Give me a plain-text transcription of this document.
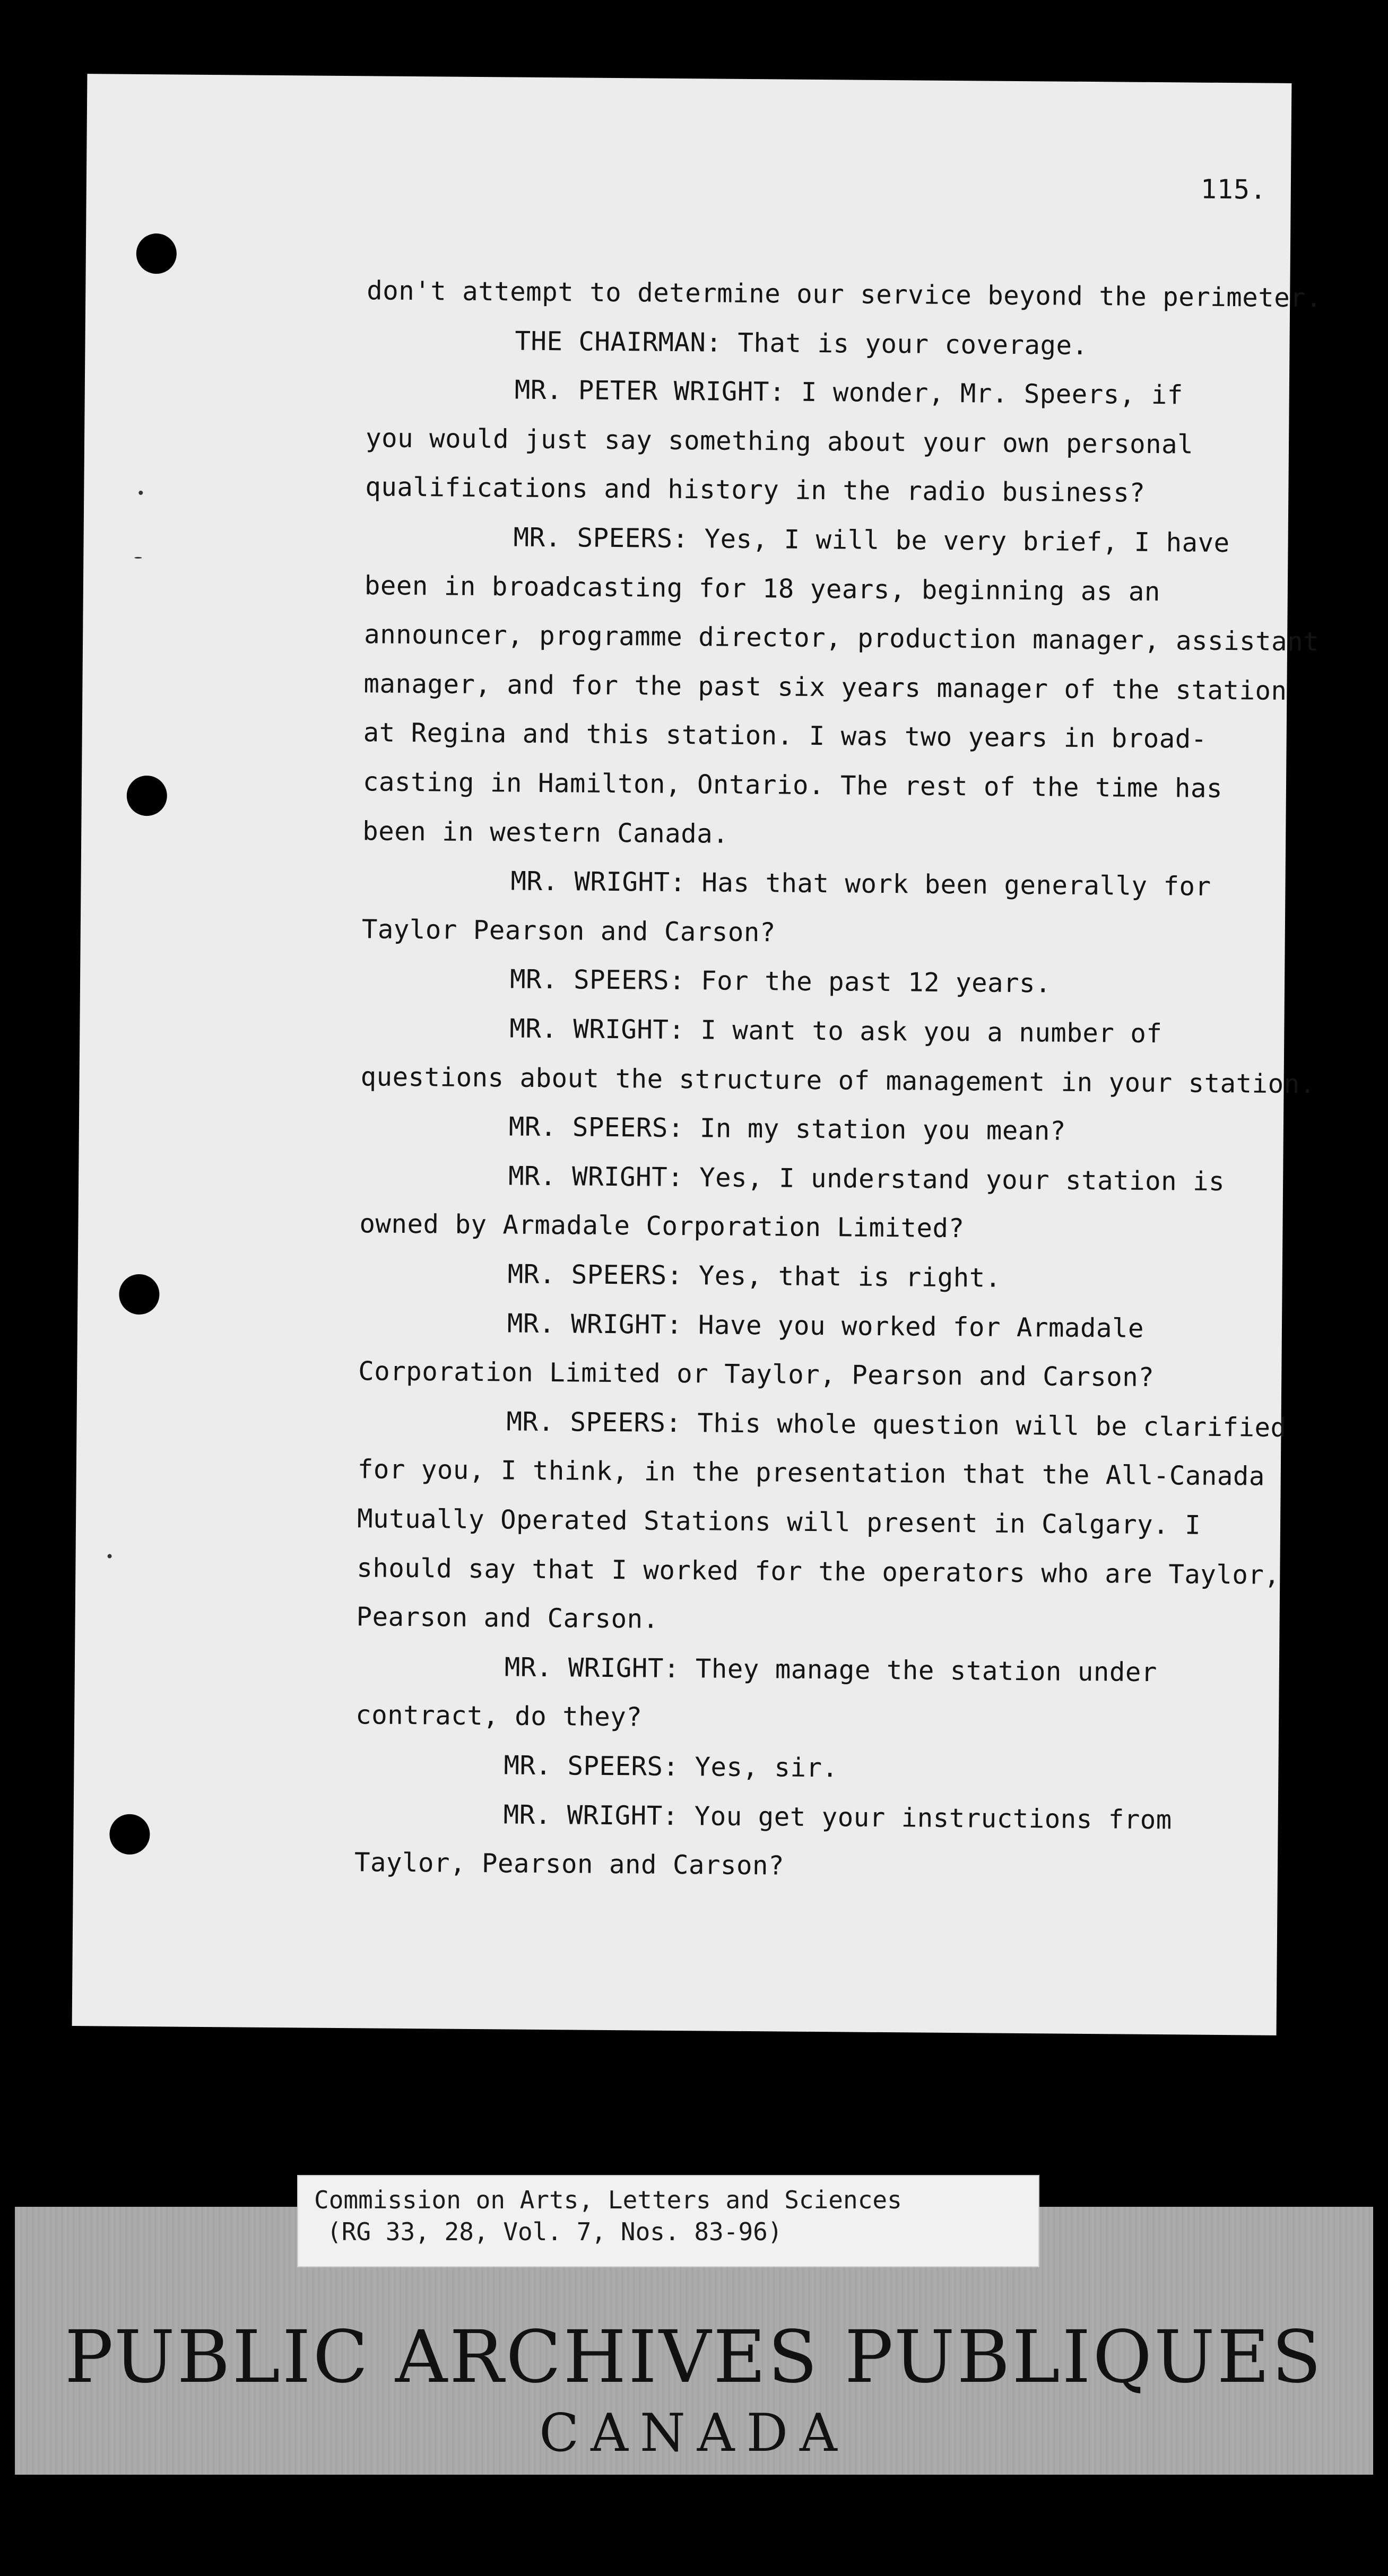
115.
don't attempt to determine our service beyond the perimeter.
THE CHAIRMAN: That is your coverage.
MR. PETER WRIGHT: I wonder, Mr. Speers, if
you would just say something about your own personal
qualifications and history in the radio business?
MR. SPEERS: Yes, I will be very brief, I have
been in broadcasting for 18 years, beginning as an
announcer, programme director, production manager, assistant
manager, and for the past six years manager of the station
at Regina and this station. I was two years in broad-
casting in Hamilton, Ontario. The rest of the time has
been in western Canada.
MR. WRIGHT: Has that work been generally for
Taylor Pearson and Carson?
MR. SPEERS: For the past 12 years.
MR. WRIGHT: I want to ask you a number of
questions about the structure of management in your station.
MR. SPEERS: In my station you mean?
MR. WRIGHT: Yes, I understand your station is
owned by Armadale Corporation Limited?
MR. SPEERS: Yes, that is right.
MR. WRIGHT: Have you worked for Armadale
Corporation Limited or Taylor, Pearson and Carson?
MR. SPEERS: This whole question will be clarified
for you, I think, in the presentation that the All-Canada
Mutually Operated Stations will present in Calgary. I
should say that I worked for the operators who are Taylor,
Pearson and Carson.
MR. WRIGHT: They manage the station under
contract, do they?
MR. SPEERS: Yes, sir.
MR. WRIGHT: You get your instructions from
Taylor, Pearson and Carson?
Commission on Arts, Letters and Sciences
(RG 33, 28, Vol. 7, Nos. 83-96)
PUBLIC ARCHIVES PUBLIQUES
CANADA
